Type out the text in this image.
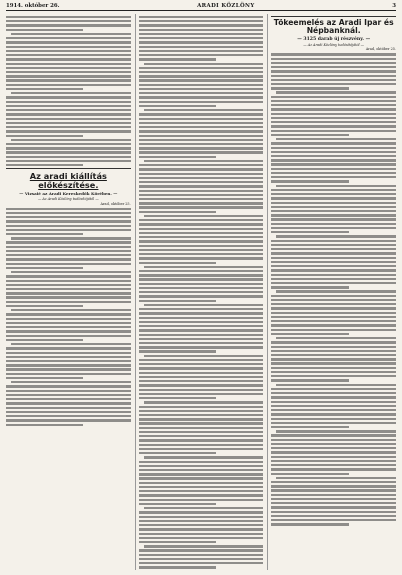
1914. október 26.	ARADI KÖZLÖNY	3
Az aradi kiállítás előkészítése.
— Vizsaié az Aradi Kereskedők Körében. —
— Az Aradi Közlöny tudósítójától —
Arad, október 25.
Tökeemelés az Aradi Ipar és Népbanknál.
— 3125 darab új részvény. —
— Az Aradi Közlöny tudósítójától —
Arad, október 25.
